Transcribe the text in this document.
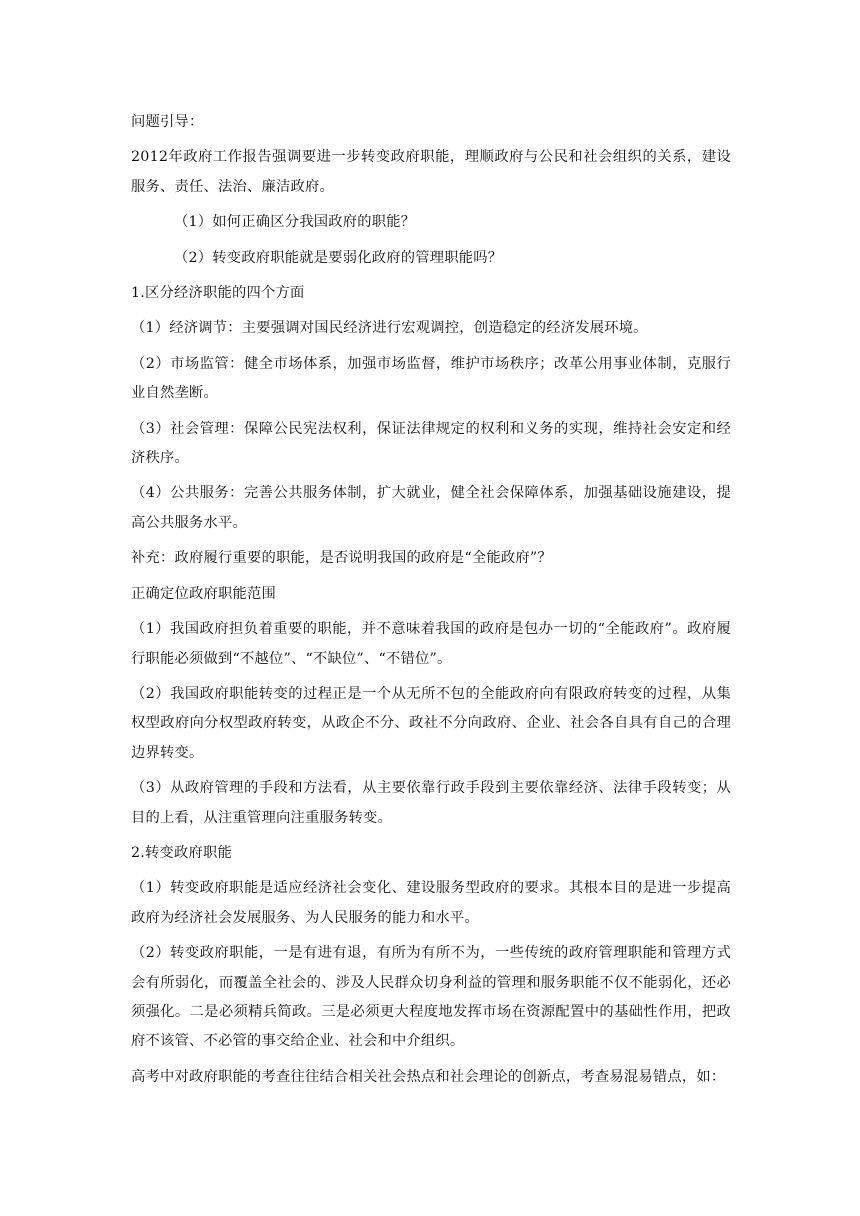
问题引导：

2012年政府工作报告强调要进一步转变政府职能，理顺政府与公民和社会组织的关系，建设服务、责任、法治、廉洁政府。

（1）如何正确区分我国政府的职能？

（2）转变政府职能就是要弱化政府的管理职能吗？

1.区分经济职能的四个方面

（1）经济调节：主要强调对国民经济进行宏观调控，创造稳定的经济发展环境。

（2）市场监管：健全市场体系，加强市场监督，维护市场秩序；改革公用事业体制，克服行业自然垄断。

（3）社会管理：保障公民宪法权利，保证法律规定的权利和义务的实现，维持社会安定和经济秩序。

（4）公共服务：完善公共服务体制，扩大就业，健全社会保障体系，加强基础设施建设，提高公共服务水平。

补充：政府履行重要的职能，是否说明我国的政府是“全能政府”？

正确定位政府职能范围

（1）我国政府担负着重要的职能，并不意味着我国的政府是包办一切的“全能政府”。政府履行职能必须做到“不越位”、“不缺位”、“不错位”。

（2）我国政府职能转变的过程正是一个从无所不包的全能政府向有限政府转变的过程，从集权型政府向分权型政府转变，从政企不分、政社不分向政府、企业、社会各自具有自己的合理边界转变。

（3）从政府管理的手段和方法看，从主要依靠行政手段到主要依靠经济、法律手段转变；从目的上看，从注重管理向注重服务转变。

2.转变政府职能

（1）转变政府职能是适应经济社会变化、建设服务型政府的要求。其根本目的是进一步提高政府为经济社会发展服务、为人民服务的能力和水平。

（2）转变政府职能，一是有进有退，有所为有所不为，一些传统的政府管理职能和管理方式会有所弱化，而覆盖全社会的、涉及人民群众切身利益的管理和服务职能不仅不能弱化，还必须强化。二是必须精兵简政。三是必须更大程度地发挥市场在资源配置中的基础性作用，把政府不该管、不必管的事交给企业、社会和中介组织。

高考中对政府职能的考查往往结合相关社会热点和社会理论的创新点，考查易混易错点，如：
